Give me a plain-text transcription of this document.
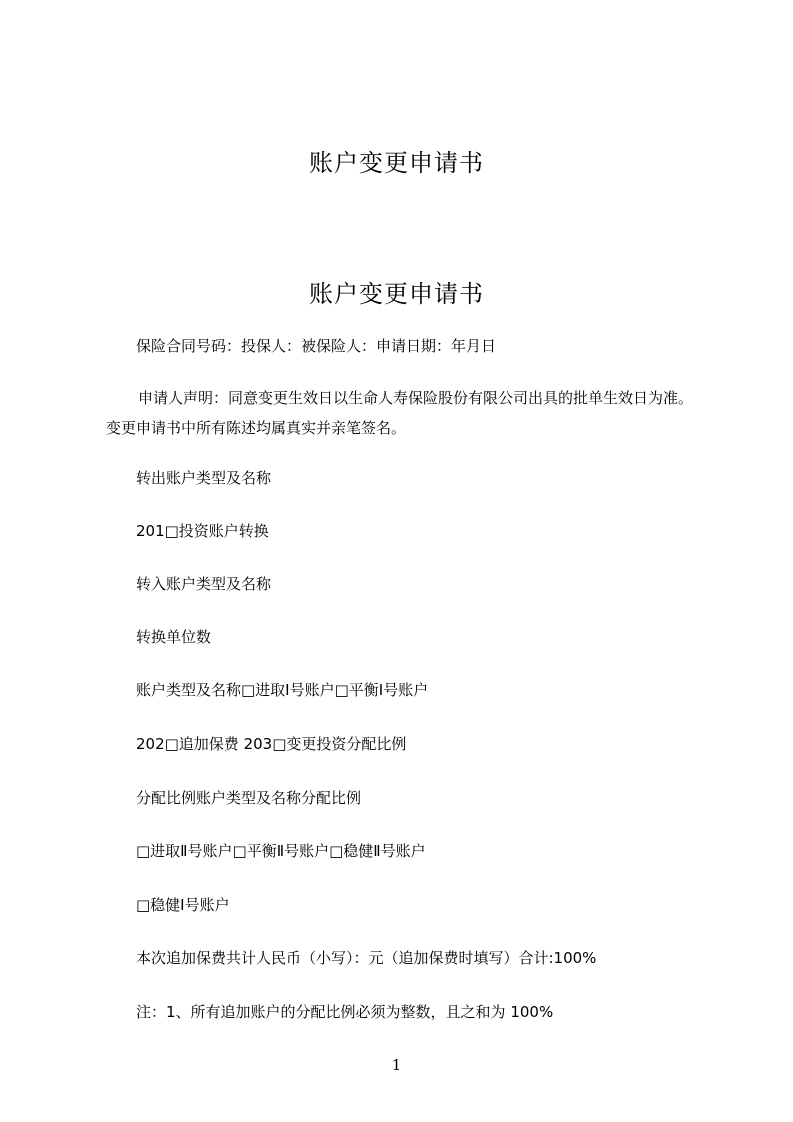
账户变更申请书
账户变更申请书

保险合同号码：投保人：被保险人：申请日期：年月日

申请人声明：同意变更生效日以生命人寿保险股份有限公司出具的批单生效日为准。变更申请书中所有陈述均属真实并亲笔签名。

转出账户类型及名称

201□投资账户转换

转入账户类型及名称

转换单位数

账户类型及名称□进取Ⅰ号账户□平衡Ⅰ号账户

202□追加保费 203□变更投资分配比例

分配比例账户类型及名称分配比例

□进取Ⅱ号账户□平衡Ⅱ号账户□稳健Ⅱ号账户

□稳健Ⅰ号账户

本次追加保费共计人民币（小写）：元（追加保费时填写）合计:100%

注：1、所有追加账户的分配比例必须为整数，且之和为 100%

1
